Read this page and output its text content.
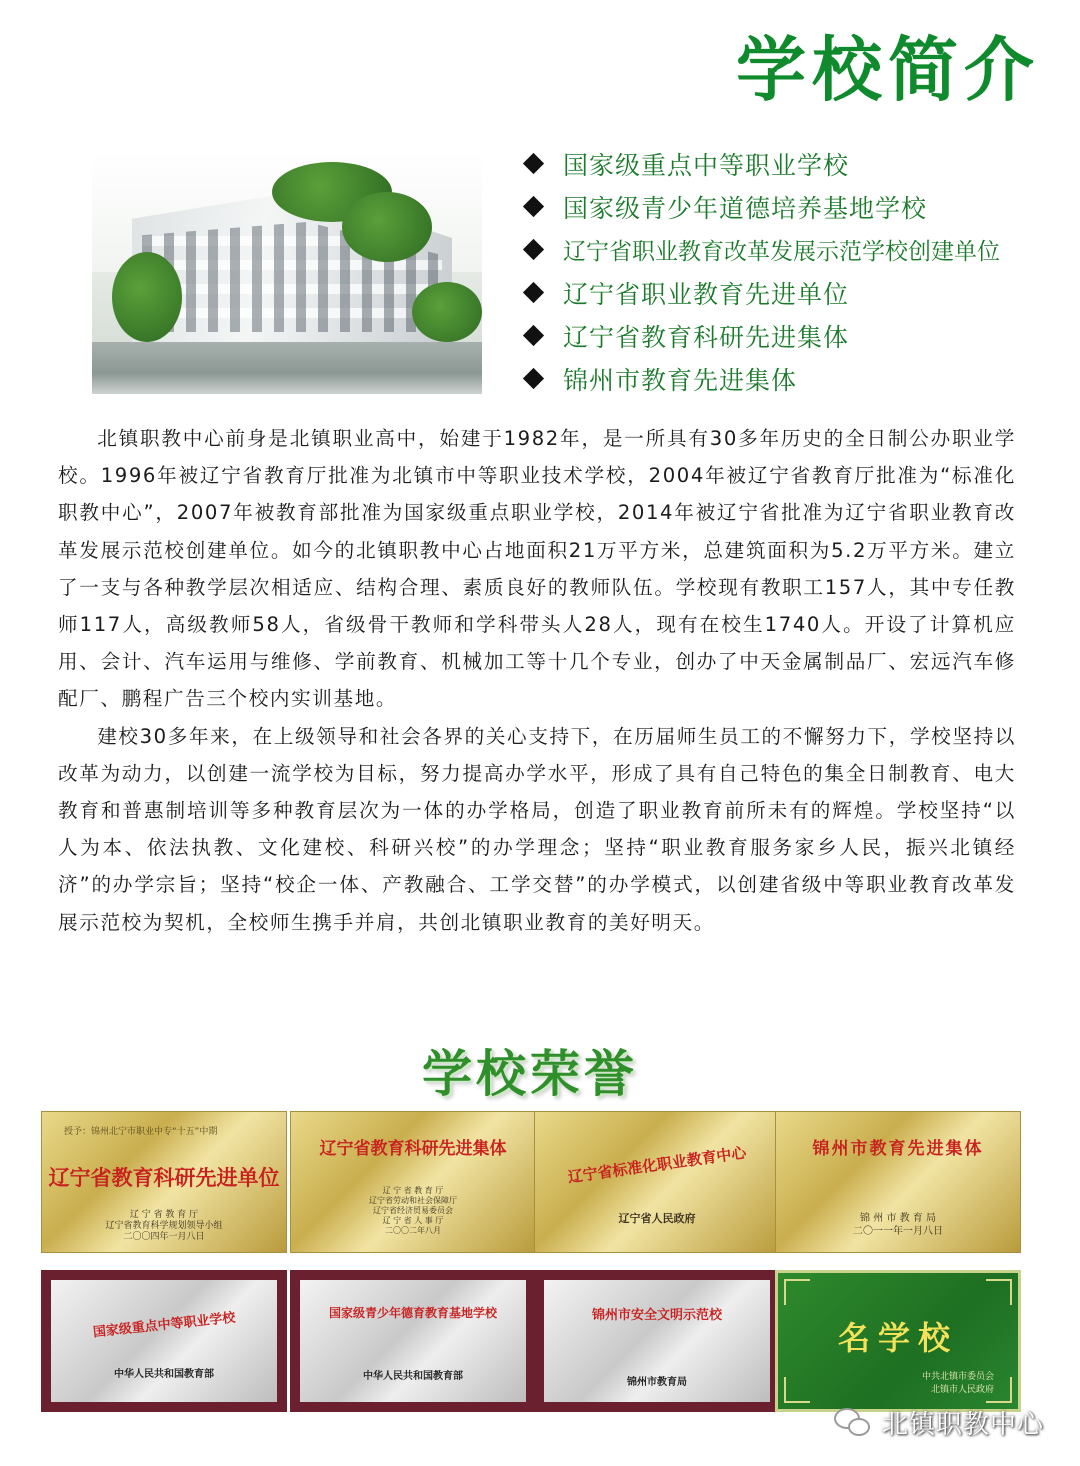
学校简介
国家级重点中等职业学校
国家级青少年道德培养基地学校
辽宁省职业教育改革发展示范学校创建单位
辽宁省职业教育先进单位
辽宁省教育科研先进集体
锦州市教育先进集体

北镇职教中心前身是北镇职业高中，始建于1982年，是一所具有30多年历史的全日制公办职业学校。1996年被辽宁省教育厅批准为北镇市中等职业技术学校，2004年被辽宁省教育厅批准为“标准化职教中心”，2007年被教育部批准为国家级重点职业学校，2014年被辽宁省批准为辽宁省职业教育改革发展示范校创建单位。如今的北镇职教中心占地面积21万平方米，总建筑面积为5.2万平方米。建立了一支与各种教学层次相适应、结构合理、素质良好的教师队伍。学校现有教职工157人，其中专任教师117人，高级教师58人，省级骨干教师和学科带头人28人，现有在校生1740人。开设了计算机应用、会计、汽车运用与维修、学前教育、机械加工等十几个专业，创办了中天金属制品厂、宏远汽车修配厂、鹏程广告三个校内实训基地。

建校30多年来，在上级领导和社会各界的关心支持下，在历届师生员工的不懈努力下，学校坚持以改革为动力，以创建一流学校为目标，努力提高办学水平，形成了具有自己特色的集全日制教育、电大教育和普惠制培训等多种教育层次为一体的办学格局，创造了职业教育前所未有的辉煌。学校坚持“以人为本、依法执教、文化建校、科研兴校”的办学理念；坚持“职业教育服务家乡人民，振兴北镇经济”的办学宗旨；坚持“校企一体、产教融合、工学交替”的办学模式，以创建省级中等职业教育改革发展示范校为契机，全校师生携手并肩，共创北镇职业教育的美好明天。

学校荣誉
授予：锦州北宁市职业中专“十五”中期
辽宁省教育科研先进单位
辽 宁 省 教 育 厅
辽宁省教育科学规划领导小组
二〇〇四年一月八日
辽宁省教育科研先进集体
辽 宁 省 教 育 厅
辽宁省劳动和社会保障厅
辽宁省经济贸易委员会
辽 宁 省 人 事 厅
二〇〇二年八月
辽宁省标准化职业教育中心
辽宁省人民政府
锦州市教育先进集体
锦 州 市 教 育 局
二〇一一年一月八日
国家级重点中等职业学校
中华人民共和国教育部
国家级青少年德育教育基地学校
中华人民共和国教育部
锦州市安全文明示范校
锦州市教育局
名学校
中共北镇市委员会
北镇市人民政府
北镇职教中心
